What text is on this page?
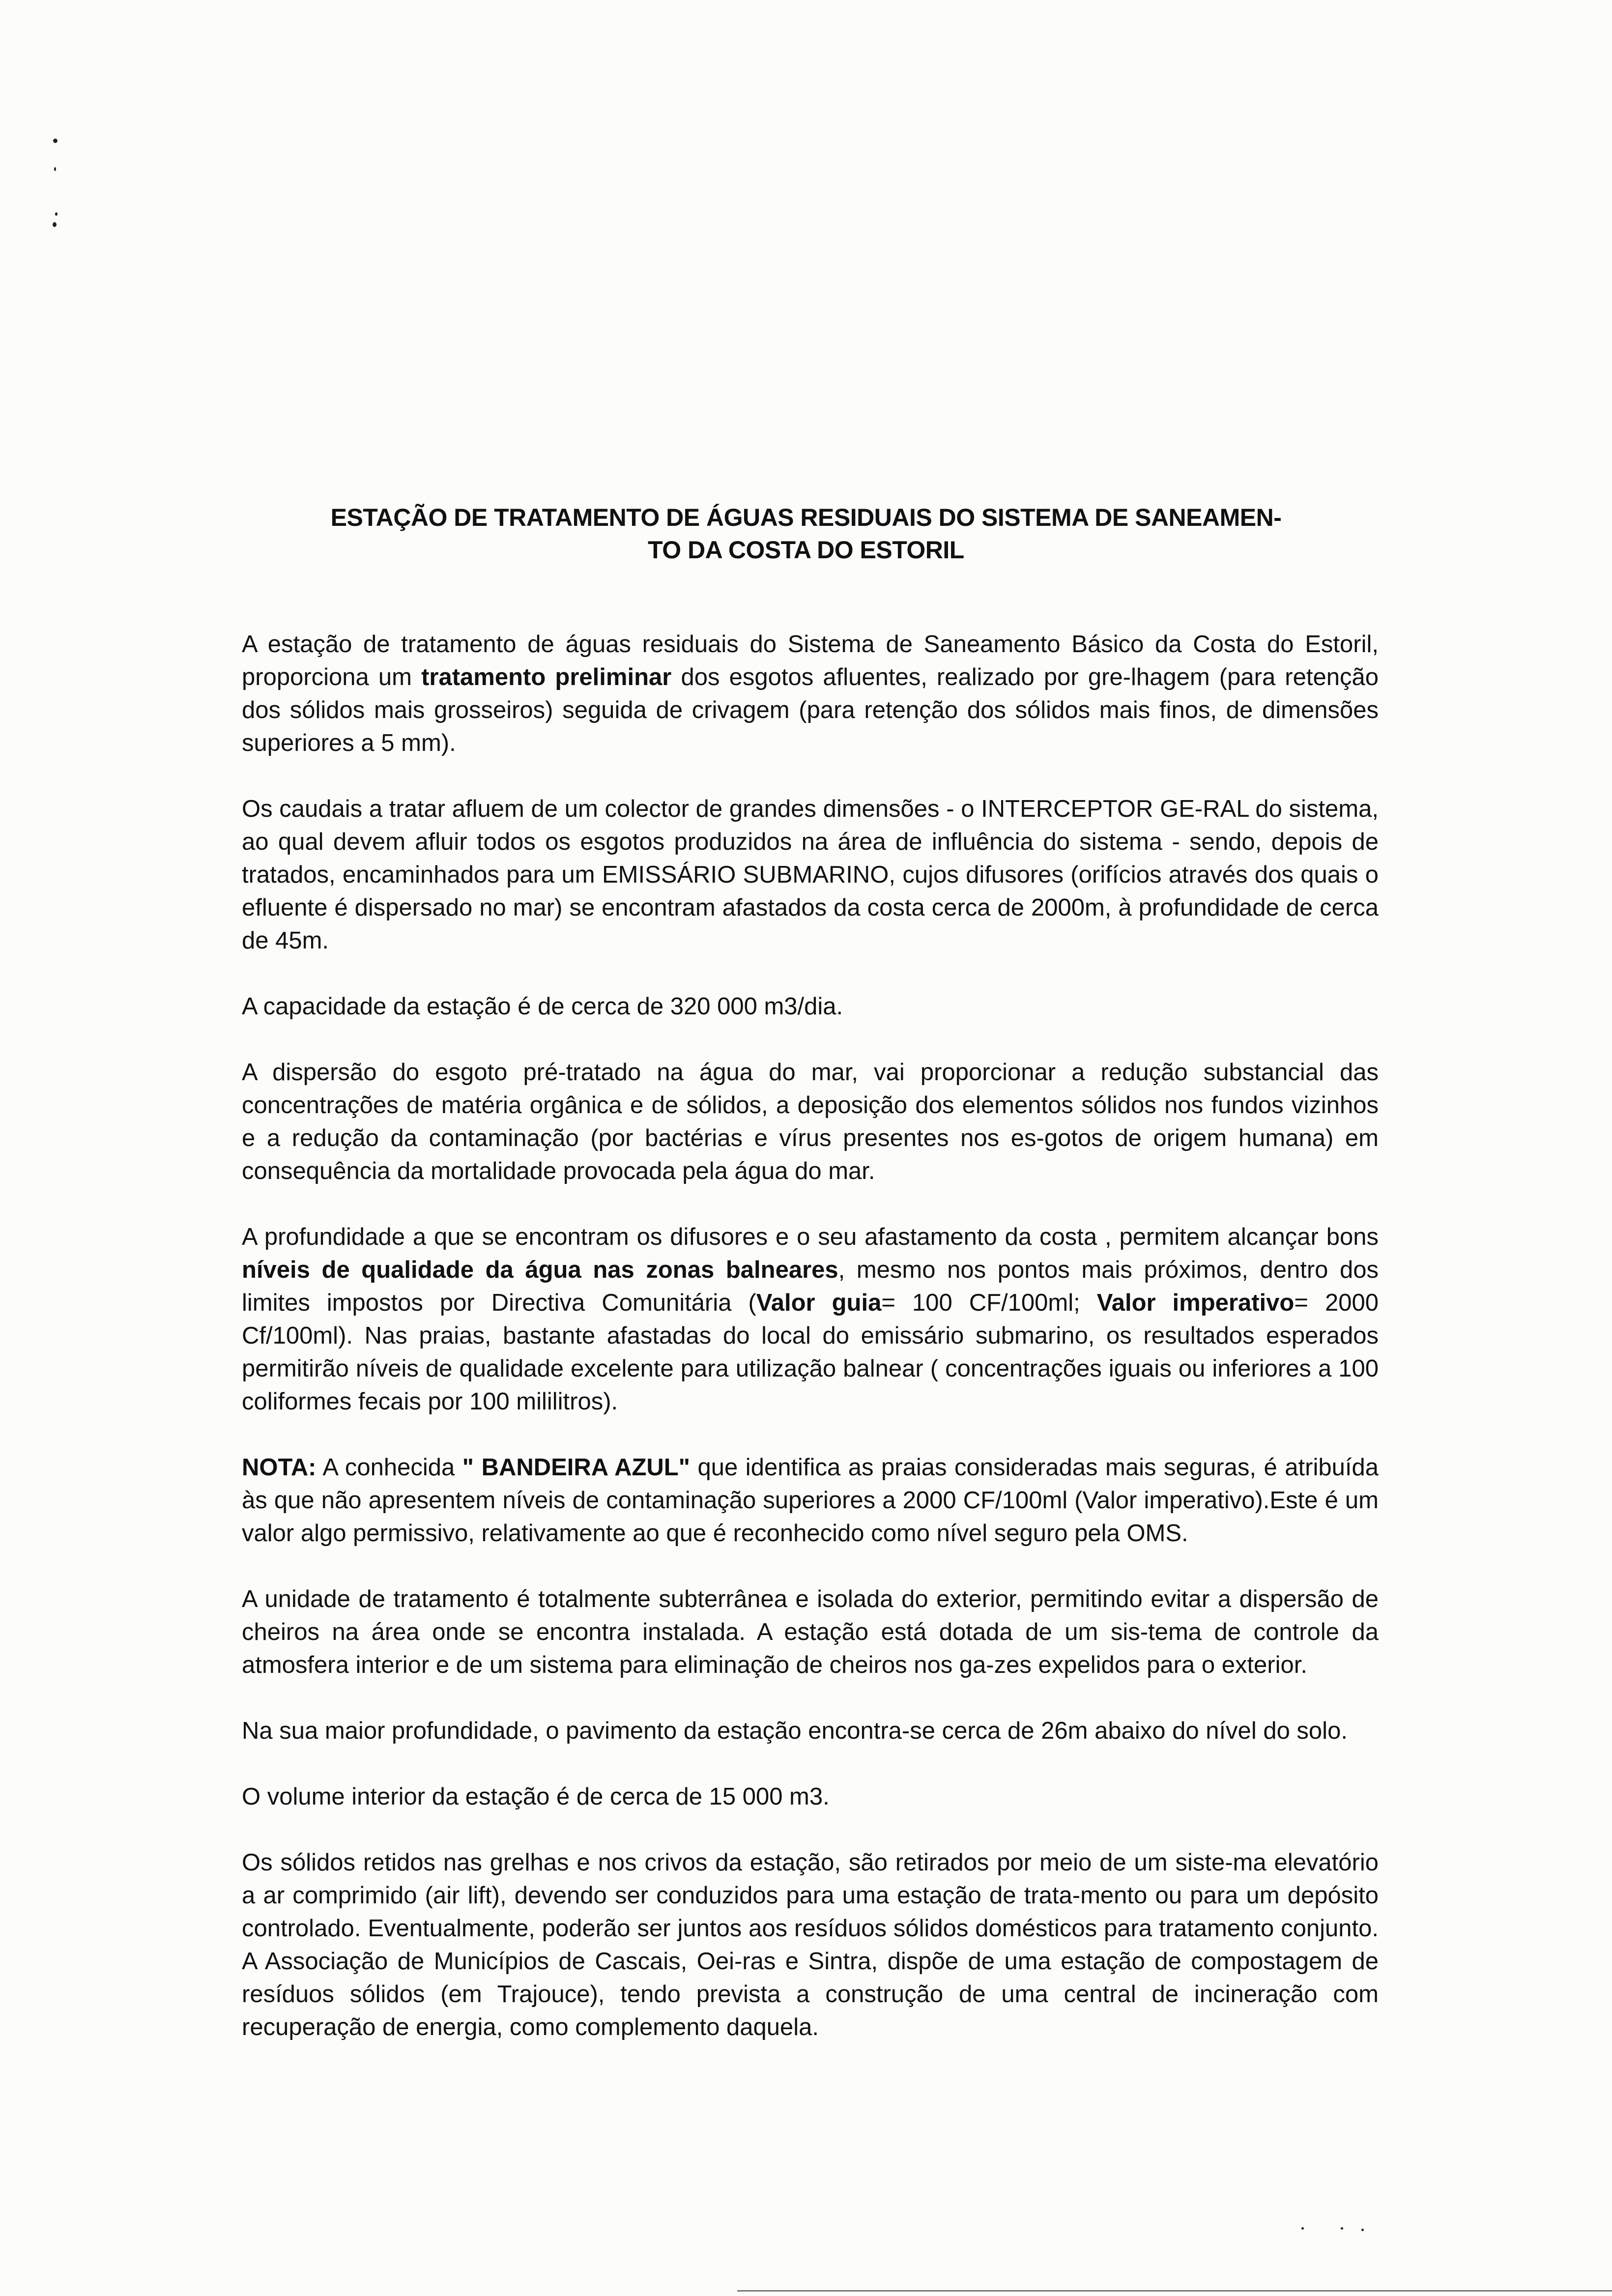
ESTAÇÃO DE TRATAMENTO DE ÁGUAS RESIDUAIS DO SISTEMA DE SANEAMEN-
TO DA COSTA DO ESTORIL

A estação de tratamento de águas residuais do Sistema de Saneamento Básico da Costa do Estoril, proporciona um tratamento preliminar dos esgotos afluentes, realizado por gre-lhagem (para retenção dos sólidos mais grosseiros) seguida de crivagem (para retenção dos sólidos mais finos, de dimensões superiores a 5 mm).

Os caudais a tratar afluem de um colector de grandes dimensões - o INTERCEPTOR GE-RAL do sistema, ao qual devem afluir todos os esgotos produzidos na área de influência do sistema - sendo, depois de tratados, encaminhados para um EMISSÁRIO SUBMARINO, cujos difusores (orifícios através dos quais o efluente é dispersado no mar) se encontram afastados da costa cerca de 2000m, à profundidade de cerca de 45m.

A capacidade da estação é de cerca de 320 000 m3/dia.

A dispersão do esgoto pré-tratado na água do mar, vai proporcionar a redução substancial das concentrações de matéria orgânica e de sólidos, a deposição dos elementos sólidos nos fundos vizinhos e a redução da contaminação (por bactérias e vírus presentes nos es-gotos de origem humana) em consequência da mortalidade provocada pela água do mar.

A profundidade a que se encontram os difusores e o seu afastamento da costa , permitem alcançar bons níveis de qualidade da água nas zonas balneares, mesmo nos pontos mais próximos, dentro dos limites impostos por Directiva Comunitária (Valor guia= 100 CF/100ml; Valor imperativo= 2000 Cf/100ml). Nas praias, bastante afastadas do local do emissário submarino, os resultados esperados permitirão níveis de qualidade excelente para utilização balnear ( concentrações iguais ou inferiores a 100 coliformes fecais por 100 mililitros).

NOTA: A conhecida " BANDEIRA AZUL" que identifica as praias consideradas mais seguras, é atribuída às que não apresentem níveis de contaminação superiores a 2000 CF/100ml (Valor imperativo).Este é um valor algo permissivo, relativamente ao que é reconhecido como nível seguro pela OMS.

A unidade de tratamento é totalmente subterrânea e isolada do exterior, permitindo evitar a dispersão de cheiros na área onde se encontra instalada. A estação está dotada de um sis-tema de controle da atmosfera interior e de um sistema para eliminação de cheiros nos ga-zes expelidos para o exterior.

Na sua maior profundidade, o pavimento da estação encontra-se cerca de 26m abaixo do nível do solo.

O volume interior da estação é de cerca de 15 000 m3.

Os sólidos retidos nas grelhas e nos crivos da estação, são retirados por meio de um siste-ma elevatório a ar comprimido (air lift), devendo ser conduzidos para uma estação de trata-mento ou para um depósito controlado. Eventualmente, poderão ser juntos aos resíduos sólidos domésticos para tratamento conjunto. A Associação de Municípios de Cascais, Oei-ras e Sintra, dispõe de uma estação de compostagem de resíduos sólidos (em Trajouce), tendo prevista a construção de uma central de incineração com recuperação de energia, como complemento daquela.
